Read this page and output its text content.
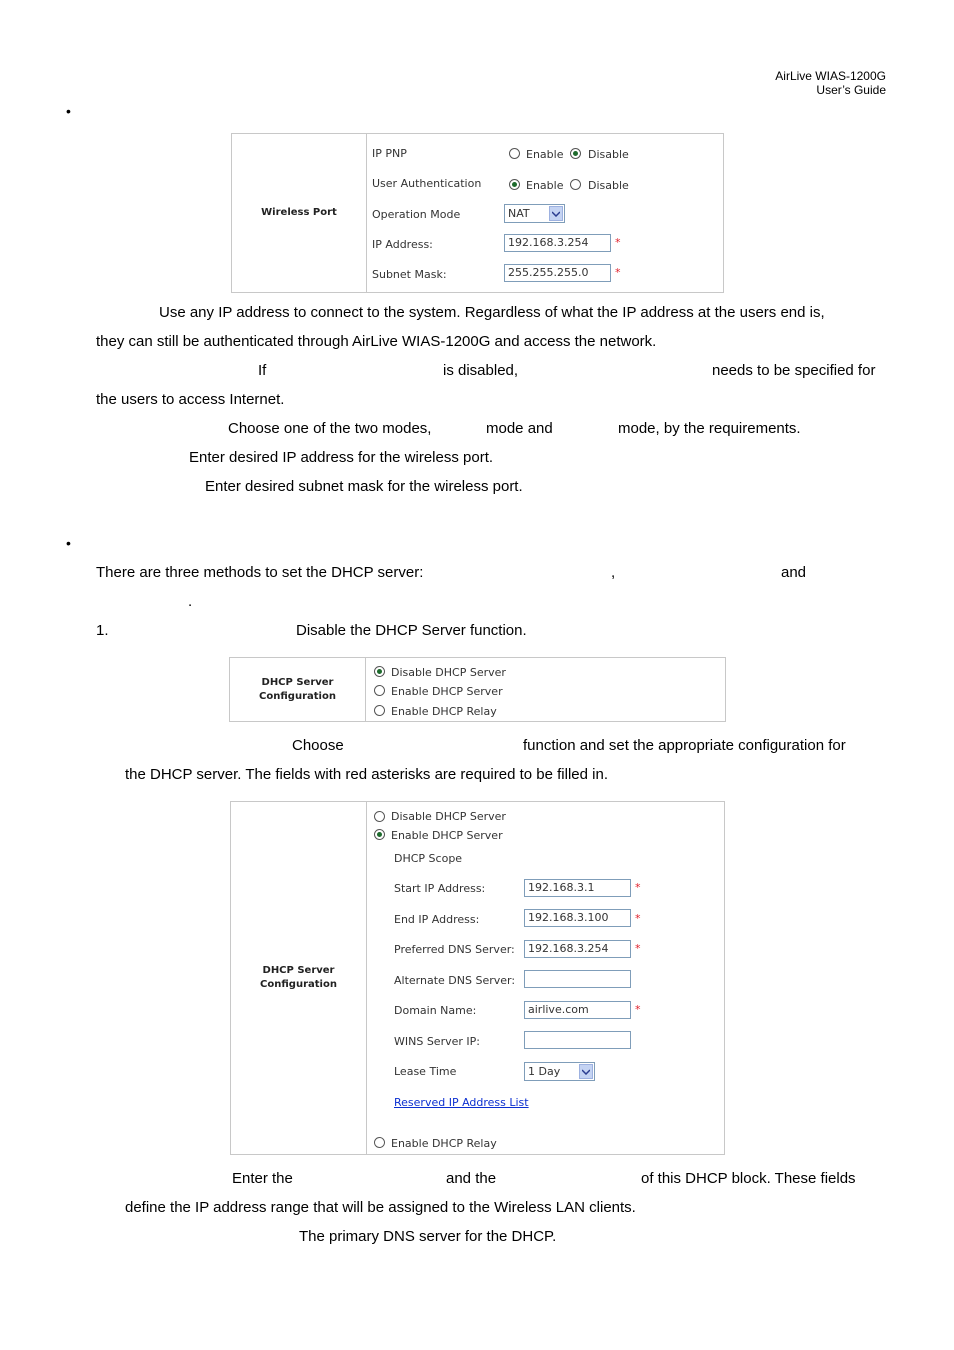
AirLive WIAS-1200G
User’s Guide
•
Wireless Port
IP PNP	Enable Disable
User Authentication	Enable Disable
Operation Mode	NAT
IP Address:	192.168.3.254	*
Subnet Mask:	255.255.255.0	*
Use any IP address to connect to the system. Regardless of what the IP address at the users end is,
they can still be authenticated through AirLive WIAS-1200G and access the network.
If	is disabled,	needs to be specified for
the users to access Internet.
Choose one of the two modes,	mode and	mode, by the requirements.
Enter desired IP address for the wireless port.
Enter desired subnet mask for the wireless port.
•
There are three methods to set the DHCP server:	,	and
.
1.	Disable the DHCP Server function.
DHCP Server
Configuration
Disable DHCP Server
Enable DHCP Server
Enable DHCP Relay
Choose	function and set the appropriate configuration for
the DHCP server. The fields with red asterisks are required to be filled in.
DHCP Server
Configuration
Disable DHCP Server
Enable DHCP Server
DHCP Scope
Start IP Address:	192.168.3.1	*
End IP Address:	192.168.3.100	*
Preferred DNS Server:	192.168.3.254	*
Alternate DNS Server:
Domain Name:	airlive.com	*
WINS Server IP:
Lease Time	1 Day
Reserved IP Address List
Enable DHCP Relay
Enter the	and the	of this DHCP block. These fields
define the IP address range that will be assigned to the Wireless LAN clients.
The primary DNS server for the DHCP.
